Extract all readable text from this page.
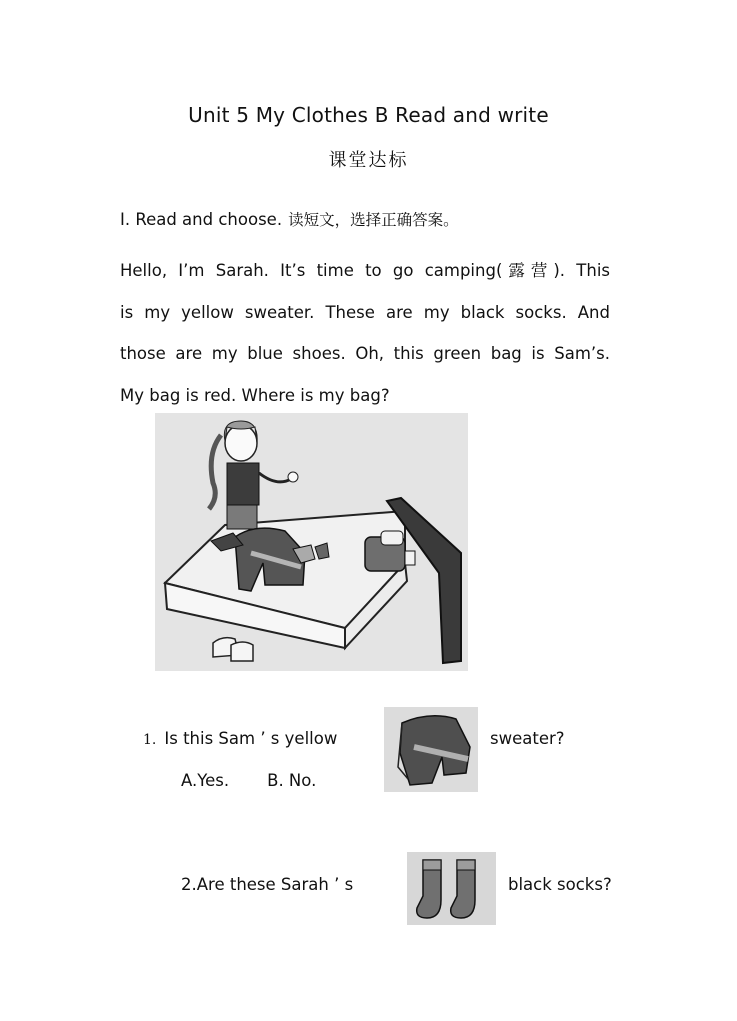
Unit 5 My Clothes B Read and write
课堂达标
Ⅰ. Read and choose. 读短文，选择正确答案。

Hello, I’m Sarah. It’s time to go camping(露营). This

is my yellow sweater. These are my black socks. And

those are my blue shoes. Oh, this green bag is Sam’s.

My bag is red. Where is my bag?

1. Is this Sam ’ s yellow	sweater?
A.Yes. B. No.
2.Are these Sarah ’ s	black socks?
